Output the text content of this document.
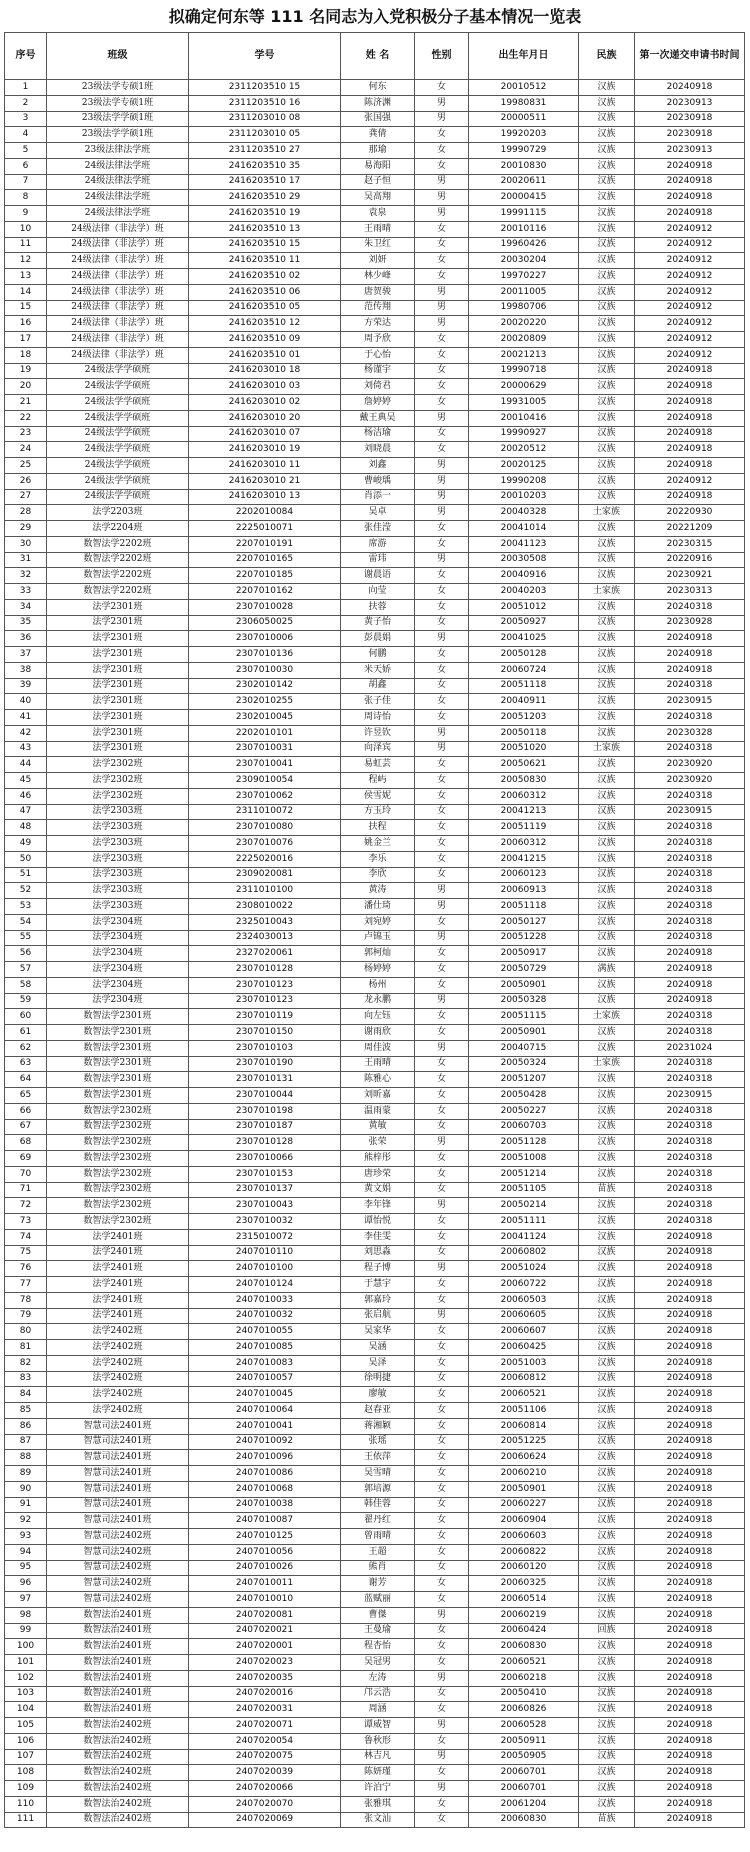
拟确定何东等 111 名同志为入党积极分子基本情况一览表
序号	班级	学号	姓 名	性别	出生年月日	民族	第一次递交申请书时间
1	23级法学专硕1班	2311203510 15	何东	女	20010512	汉族	20240918
2	23级法学专硕1班	2311203510 16	陈济渊	男	19980831	汉族	20230913
3	23级法学学硕1班	2311203010 08	张国强	男	20000511	汉族	20230918
4	23级法学学硕1班	2311203010 05	龚倩	女	19920203	汉族	20230918
5	23级法律法学班	2311203510 27	那瑜	女	19990729	汉族	20230913
6	24级法律法学班	2416203510 35	易海阳	女	20010830	汉族	20240918
7	24级法律法学班	2416203510 17	赵子恒	男	20020611	汉族	20240918
8	24级法律法学班	2416203510 29	吴高翔	男	20000415	汉族	20240918
9	24级法律法学班	2416203510 19	袁泉	男	19991115	汉族	20240918
10	24级法律（非法学）班	2416203510 13	王雨晴	女	20010116	汉族	20240912
11	24级法律（非法学）班	2416203510 15	朱卫红	女	19960426	汉族	20240912
12	24级法律（非法学）班	2416203510 11	刘妍	女	20030204	汉族	20240912
13	24级法律（非法学）班	2416203510 02	林少峰	女	19970227	汉族	20240912
14	24级法律（非法学）班	2416203510 06	唐贺骏	男	20011005	汉族	20240912
15	24级法律（非法学）班	2416203510 05	范传翔	男	19980706	汉族	20240912
16	24级法律（非法学）班	2416203510 12	方荣达	男	20020220	汉族	20240912
17	24级法律（非法学）班	2416203510 09	周予欣	女	20020809	汉族	20240912
18	24级法律（非法学）班	2416203510 01	于心怡	女	20021213	汉族	20240912
19	24级法学学硕班	2416203010 18	杨谨宇	女	19990718	汉族	20240918
20	24级法学学硕班	2416203010 03	刘倚君	女	20000629	汉族	20240918
21	24级法学学硕班	2416203010 02	詹婷婷	女	19931005	汉族	20240918
22	24级法学学硕班	2416203010 20	戴王典吴	男	20010416	汉族	20240918
23	24级法学学硕班	2416203010 07	杨洁瑜	女	19990927	汉族	20240918
24	24级法学学硕班	2416203010 19	刘晓晨	女	20020512	汉族	20240918
25	24级法学学硕班	2416203010 11	刘鑫	男	20020125	汉族	20240918
26	24级法学学硕班	2416203010 21	曹峻瑀	男	19990208	汉族	20240912
27	24级法学学硕班	2416203010 13	肖添一	男	20010203	汉族	20240918
28	法学2203班	2202010084	吴卓	男	20040328	土家族	20220930
29	法学2204班	2225010071	张佳滢	女	20041014	汉族	20221209
30	数智法学2202班	2207010191	席游	女	20041123	汉族	20230315
31	数智法学2202班	2207010165	雷玮	男	20030508	汉族	20220916
32	数智法学2202班	2207010185	谢晨语	女	20040916	汉族	20230921
33	数智法学2202班	2207010162	向莹	女	20040203	土家族	20230313
34	法学2301班	2307010028	扶蓉	女	20051012	汉族	20240318
35	法学2301班	2306050025	黄子怡	女	20050927	汉族	20230928
36	法学2301班	2307010006	彭晨娟	男	20041025	汉族	20240918
37	法学2301班	2307010136	何鹏	女	20050128	汉族	20240918
38	法学2301班	2307010030	米天娇	女	20060724	汉族	20240918
39	法学2301班	2302010142	胡鑫	女	20051118	汉族	20240318
40	法学2301班	2302010255	张子佳	女	20040911	汉族	20230915
41	法学2301班	2302010045	周诗怡	女	20051203	汉族	20240318
42	法学2301班	2202010101	许昱钦	男	20050118	汉族	20230328
43	法学2301班	2307010031	向泽宾	男	20051020	土家族	20240318
44	法学2302班	2307010041	易虹芸	女	20050621	汉族	20230920
45	法学2302班	2309010054	程屿	女	20050830	汉族	20230920
46	法学2302班	2307010062	侯雪妮	女	20060312	汉族	20240318
47	法学2303班	2311010072	方玉玲	女	20041213	汉族	20230915
48	法学2303班	2307010080	扶程	女	20051119	汉族	20240318
49	法学2303班	2307010076	姚金兰	女	20060312	汉族	20240318
50	法学2303班	2225020016	李乐	女	20041215	汉族	20240318
51	法学2303班	2309020081	李欣	女	20060123	汉族	20240318
52	法学2303班	2311010100	黄涛	男	20060913	汉族	20240318
53	法学2303班	2308010022	潘仕琦	男	20051118	汉族	20240318
54	法学2304班	2325010043	刘宛婷	女	20050127	汉族	20240318
55	法学2304班	2324030013	卢锦玉	男	20051228	汉族	20240318
56	法学2304班	2327020061	郭柯灿	女	20050917	汉族	20240918
57	法学2304班	2307010128	杨婷婷	女	20050729	满族	20240918
58	法学2304班	2307010123	杨州	女	20050901	汉族	20240918
59	法学2304班	2307010123	龙永鹏	男	20050328	汉族	20240918
60	数智法学2301班	2307010119	向左钰	女	20051115	土家族	20240318
61	数智法学2301班	2307010150	谢雨欣	女	20050901	汉族	20240318
62	数智法学2301班	2307010103	周佳波	男	20040715	汉族	20231024
63	数智法学2301班	2307010190	王雨晴	女	20050324	土家族	20240318
64	数智法学2301班	2307010131	陈雅心	女	20051207	汉族	20240318
65	数智法学2301班	2307010044	刘昕嘉	女	20050428	汉族	20230915
66	数智法学2302班	2307010198	温雨蒙	女	20050227	汉族	20240318
67	数智法学2302班	2307010187	黄敏	女	20060703	汉族	20240318
68	数智法学2302班	2307010128	张荣	男	20051128	汉族	20240318
69	数智法学2302班	2307010066	熊梓彤	女	20051008	汉族	20240318
70	数智法学2302班	2307010153	唐珍荣	女	20051214	汉族	20240318
71	数智法学2302班	2307010137	黄文娟	女	20051105	苗族	20240318
72	数智法学2302班	2307010043	李年锋	男	20050214	汉族	20240318
73	数智法学2302班	2307010032	谭怡悦	女	20051111	汉族	20240318
74	法学2401班	2315010072	李佳雯	女	20041124	汉族	20240918
75	法学2401班	2407010110	刘思淼	女	20060802	汉族	20240918
76	法学2401班	2407010100	程子博	男	20051024	汉族	20240918
77	法学2401班	2407010124	于慧宇	女	20060722	汉族	20240918
78	法学2401班	2407010033	郭嘉玲	女	20060503	汉族	20240918
79	法学2401班	2407010032	张启航	男	20060605	汉族	20240918
80	法学2402班	2407010055	吴家华	女	20060607	汉族	20240918
81	法学2402班	2407010085	吴涵	女	20060425	汉族	20240918
82	法学2402班	2407010083	吴泽	女	20051003	汉族	20240918
83	法学2402班	2407010057	徐明捷	女	20060812	汉族	20240918
84	法学2402班	2407010045	廖敏	女	20060521	汉族	20240918
85	法学2402班	2407010064	赵春亚	女	20051106	汉族	20240918
86	智慧司法2401班	2407010041	蒋湘颖	女	20060814	汉族	20240918
87	智慧司法2401班	2407010092	张瑶	女	20051225	汉族	20240918
88	智慧司法2401班	2407010096	王依萍	女	20060624	汉族	20240918
89	智慧司法2401班	2407010086	吴雪晴	女	20060210	汉族	20240918
90	智慧司法2401班	2407010068	郭培源	女	20050901	汉族	20240918
91	智慧司法2401班	2407010038	韩佳蓉	女	20060227	汉族	20240918
92	智慧司法2401班	2407010087	翟丹红	女	20060904	汉族	20240918
93	智慧司法2402班	2407010125	曾雨晴	女	20060603	汉族	20240918
94	智慧司法2402班	2407010056	王超	女	20060822	汉族	20240918
95	智慧司法2402班	2407010026	熊肖	女	20060120	汉族	20240918
96	智慧司法2402班	2407010011	谢芳	女	20060325	汉族	20240918
97	智慧司法2402班	2407010010	蓝赋丽	女	20060514	汉族	20240918
98	数智法治2401班	2407020081	曹傑	男	20060219	汉族	20240918
99	数智法治2401班	2407020021	王曼瑜	女	20060424	回族	20240918
100	数智法治2401班	2407020001	程杏怡	女	20060830	汉族	20240918
101	数智法治2401班	2407020023	吴冠男	女	20060521	汉族	20240918
102	数智法治2401班	2407020035	左涛	男	20060218	汉族	20240918
103	数智法治2401班	2407020016	邝云浩	女	20050410	汉族	20240918
104	数智法治2401班	2407020031	周涵	女	20060826	汉族	20240918
105	数智法治2402班	2407020071	谭威智	男	20060528	汉族	20240918
106	数智法治2402班	2407020054	鲁秋形	女	20050911	汉族	20240918
107	数智法治2402班	2407020075	林吉凡	男	20050905	汉族	20240918
108	数智法治2402班	2407020039	陈妍瑾	女	20060701	汉族	20240918
109	数智法治2402班	2407020066	许泊宁	男	20060701	汉族	20240918
110	数智法治2402班	2407020070	张雅琪	女	20061204	汉族	20240918
111	数智法治2402班	2407020069	张文汕	女	20060830	苗族	20240918
